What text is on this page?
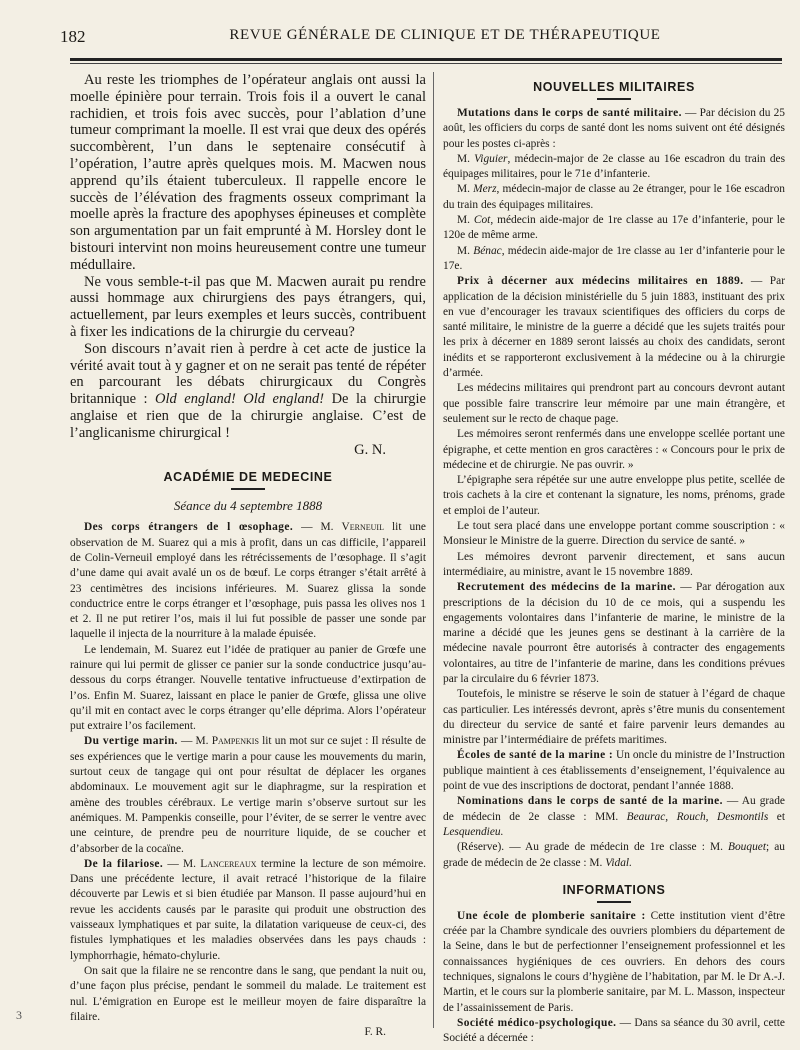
182	REVUE GÉNÉRALE DE CLINIQUE ET DE THÉRAPEUTIQUE

Au reste les triomphes de l’opérateur anglais ont aussi la moelle épinière pour terrain. Trois fois il a ouvert le canal rachidien, et trois fois avec succès, pour l’ablation d’une tumeur comprimant la moelle. Il est vrai que deux des opérés succombèrent, l’un dans le septenaire consécutif à l’opération, l’autre après quelques mois. M. Macwen nous apprend qu’ils étaient tuberculeux. Il rappelle encore le succès de l’élévation des fragments osseux comprimant la moelle après la fracture des apophyses épineuses et complète son argumentation par un fait emprunté à M. Horsley dont le bistouri intervint non moins heureusement contre une tumeur médullaire.

Ne vous semble-t-il pas que M. Macwen aurait pu rendre aussi hommage aux chirurgiens des pays étrangers, qui, actuellement, par leurs exemples et leurs succès, contribuent à fixer les indications de la chirurgie du cerveau?

Son discours n’avait rien à perdre à cet acte de justice la vérité avait tout à y gagner et on ne serait pas tenté de répéter en parcourant les débats chirurgicaux du Congrès britannique : Old england! Old england! De la chirurgie anglaise et rien que de la chirurgie anglaise. C’est de l’anglicanisme chirurgical !
G. N.

ACADÉMIE DE MEDECINE
Séance du 4 septembre 1888

Des corps étrangers de l œsophage. — M. Verneuil lit une observation de M. Suarez qui a mis à profit, dans un cas difficile, l’appareil de Colin-Verneuil employé dans les rétrécissements de l’œsophage. Il s’agit d’une dame qui avait avalé un os de bœuf. Le corps étranger s’était arrêté à 23 centimètres des incisions inférieures. M. Suarez glissa la sonde conductrice entre le corps étranger et l’œsophage, puis passa les olives nos 1 et 2. Il ne put retirer l’os, mais il lui fut possible de passer une sonde par laquelle il injecta de la nourriture à la malade épuisée.

Le lendemain, M. Suarez eut l’idée de pratiquer au panier de Grœfe une rainure qui lui permit de glisser ce panier sur la sonde conductrice jusqu’au-dessous du corps étranger. Nouvelle tentative infructueuse d’extirpation de l’os. Enfin M. Suarez, laissant en place le panier de Grœfe, glissa une olive qu’il mit en contact avec le corps étranger qu’elle déprima. Alors l’opérateur put extraire l’os facilement.

Du vertige marin. — M. Pampenkis lit un mot sur ce sujet : Il résulte de ses expériences que le vertige marin a pour cause les mouvements du marin, surtout ceux de tangage qui ont pour résultat de déplacer les organes abdominaux. Le mouvement agit sur le diaphragme, sur la respiration et amène des troubles cérébraux. Le vertige marin s’observe surtout sur les anémiques. M. Pampenkis conseille, pour l’éviter, de se serrer le ventre avec une ceinture, de prendre peu de nourriture liquide, de se coucher et d’absorber de la cocaïne.

De la filariose. — M. Lancereaux termine la lecture de son mémoire. Dans une précédente lecture, il avait retracé l’historique de la filaire découverte par Lewis et si bien étudiée par Manson. Il passe aujourd’hui en revue les accidents causés par le parasite qui produit une obstruction des vaisseaux lymphatiques et par suite, la dilatation variqueuse de ceux-ci, des fistules lymphatiques et les maladies observées dans les pays chauds : lymphorrhagie, hémato-chylurie.

On sait que la filaire ne se rencontre dans le sang, que pendant la nuit ou, d’une façon plus précise, pendant le sommeil du malade. Le traitement est nul. L’émigration en Europe est le meilleur moyen de faire disparaître la filaire.
F. R.

NOUVELLES MILITAIRES

Mutations dans le corps de santé militaire. — Par décision du 25 août, les officiers du corps de santé dont les noms suivent ont été désignés pour les postes ci-après :

M. Viguier, médecin-major de 2e classe au 16e escadron du train des équipages militaires, pour le 71e d’infanterie.

M. Merz, médecin-major de classe au 2e étranger, pour le 16e escadron du train des équipages militaires.

M. Cot, médecin aide-major de 1re classe au 17e d’infanterie, pour le 120e de même arme.

M. Bénac, médecin aide-major de 1re classe au 1er d’infanterie pour le 17e.

Prix à décerner aux médecins militaires en 1889. — Par application de la décision ministérielle du 5 juin 1883, instituant des prix en vue d’encourager les travaux scientifiques des officiers du corps de santé militaire, le ministre de la guerre a décidé que les sujets traités pour les prix à décerner en 1889 seront laissés au choix des candidats, seront inédits et se rapporteront exclusivement à la médecine ou à la chirurgie d’armée.

Les médecins militaires qui prendront part au concours devront autant que possible faire transcrire leur mémoire par une main étrangère, et seulement sur le recto de chaque page.

Les mémoires seront renfermés dans une enveloppe scellée portant une épigraphe, et cette mention en gros caractères : « Concours pour le prix de médecine et de chirurgie. Ne pas ouvrir. »

L’épigraphe sera répétée sur une autre enveloppe plus petite, scellée de trois cachets à la cire et contenant la signature, les noms, prénoms, grade et emploi de l’auteur.

Le tout sera placé dans une enveloppe portant comme souscription : « Monsieur le Ministre de la guerre. Direction du service de santé. »

Les mémoires devront parvenir directement, et sans aucun intermédiaire, au ministre, avant le 15 novembre 1889.

Recrutement des médecins de la marine. — Par dérogation aux prescriptions de la décision du 10 de ce mois, qui a suspendu les engagements volontaires dans l’infanterie de marine, le ministre de la marine a décidé que les jeunes gens se destinant à la carrière de la médecine navale pourront être autorisés à contracter des engagements volontaires, au titre de l’infanterie de marine, dans les conditions prévues par la circulaire du 6 février 1873.

Toutefois, le ministre se réserve le soin de statuer à l’égard de chaque cas particulier. Les intéressés devront, après s’être munis du consentement du directeur du service de santé et faire parvenir leurs demandes au ministre par l’intermédiaire de préfets maritimes.

Écoles de santé de la marine : Un oncle du ministre de l’Instruction publique maintient à ces établissements d’enseignement, l’équivalence au point de vue des inscriptions de doctorat, pendant l’année 1888.

Nominations dans le corps de santé de la marine. — Au grade de médecin de 2e classe : MM. Beaurac, Rouch, Desmontils et Lesquendieu.

(Réserve). — Au grade de médecin de 1re classe : M. Bouquet; au grade de médecin de 2e classe : M. Vidal.

INFORMATIONS

Une école de plomberie sanitaire : Cette institution vient d’être créée par la Chambre syndicale des ouvriers plombiers du département de la Seine, dans le but de perfectionner l’enseignement professionnel et les connaissances hygiéniques de ces ouvriers. En dehors des cours techniques, signalons le cours d’hygiène de l’habitation, par M. le Dr A.-J. Martin, et le cours sur la plomberie sanitaire, par M. L. Masson, inspecteur de l’assainissement de Paris.

Société médico-psychologique. — Dans sa séance du 30 avril, cette Société a décernée :

3
